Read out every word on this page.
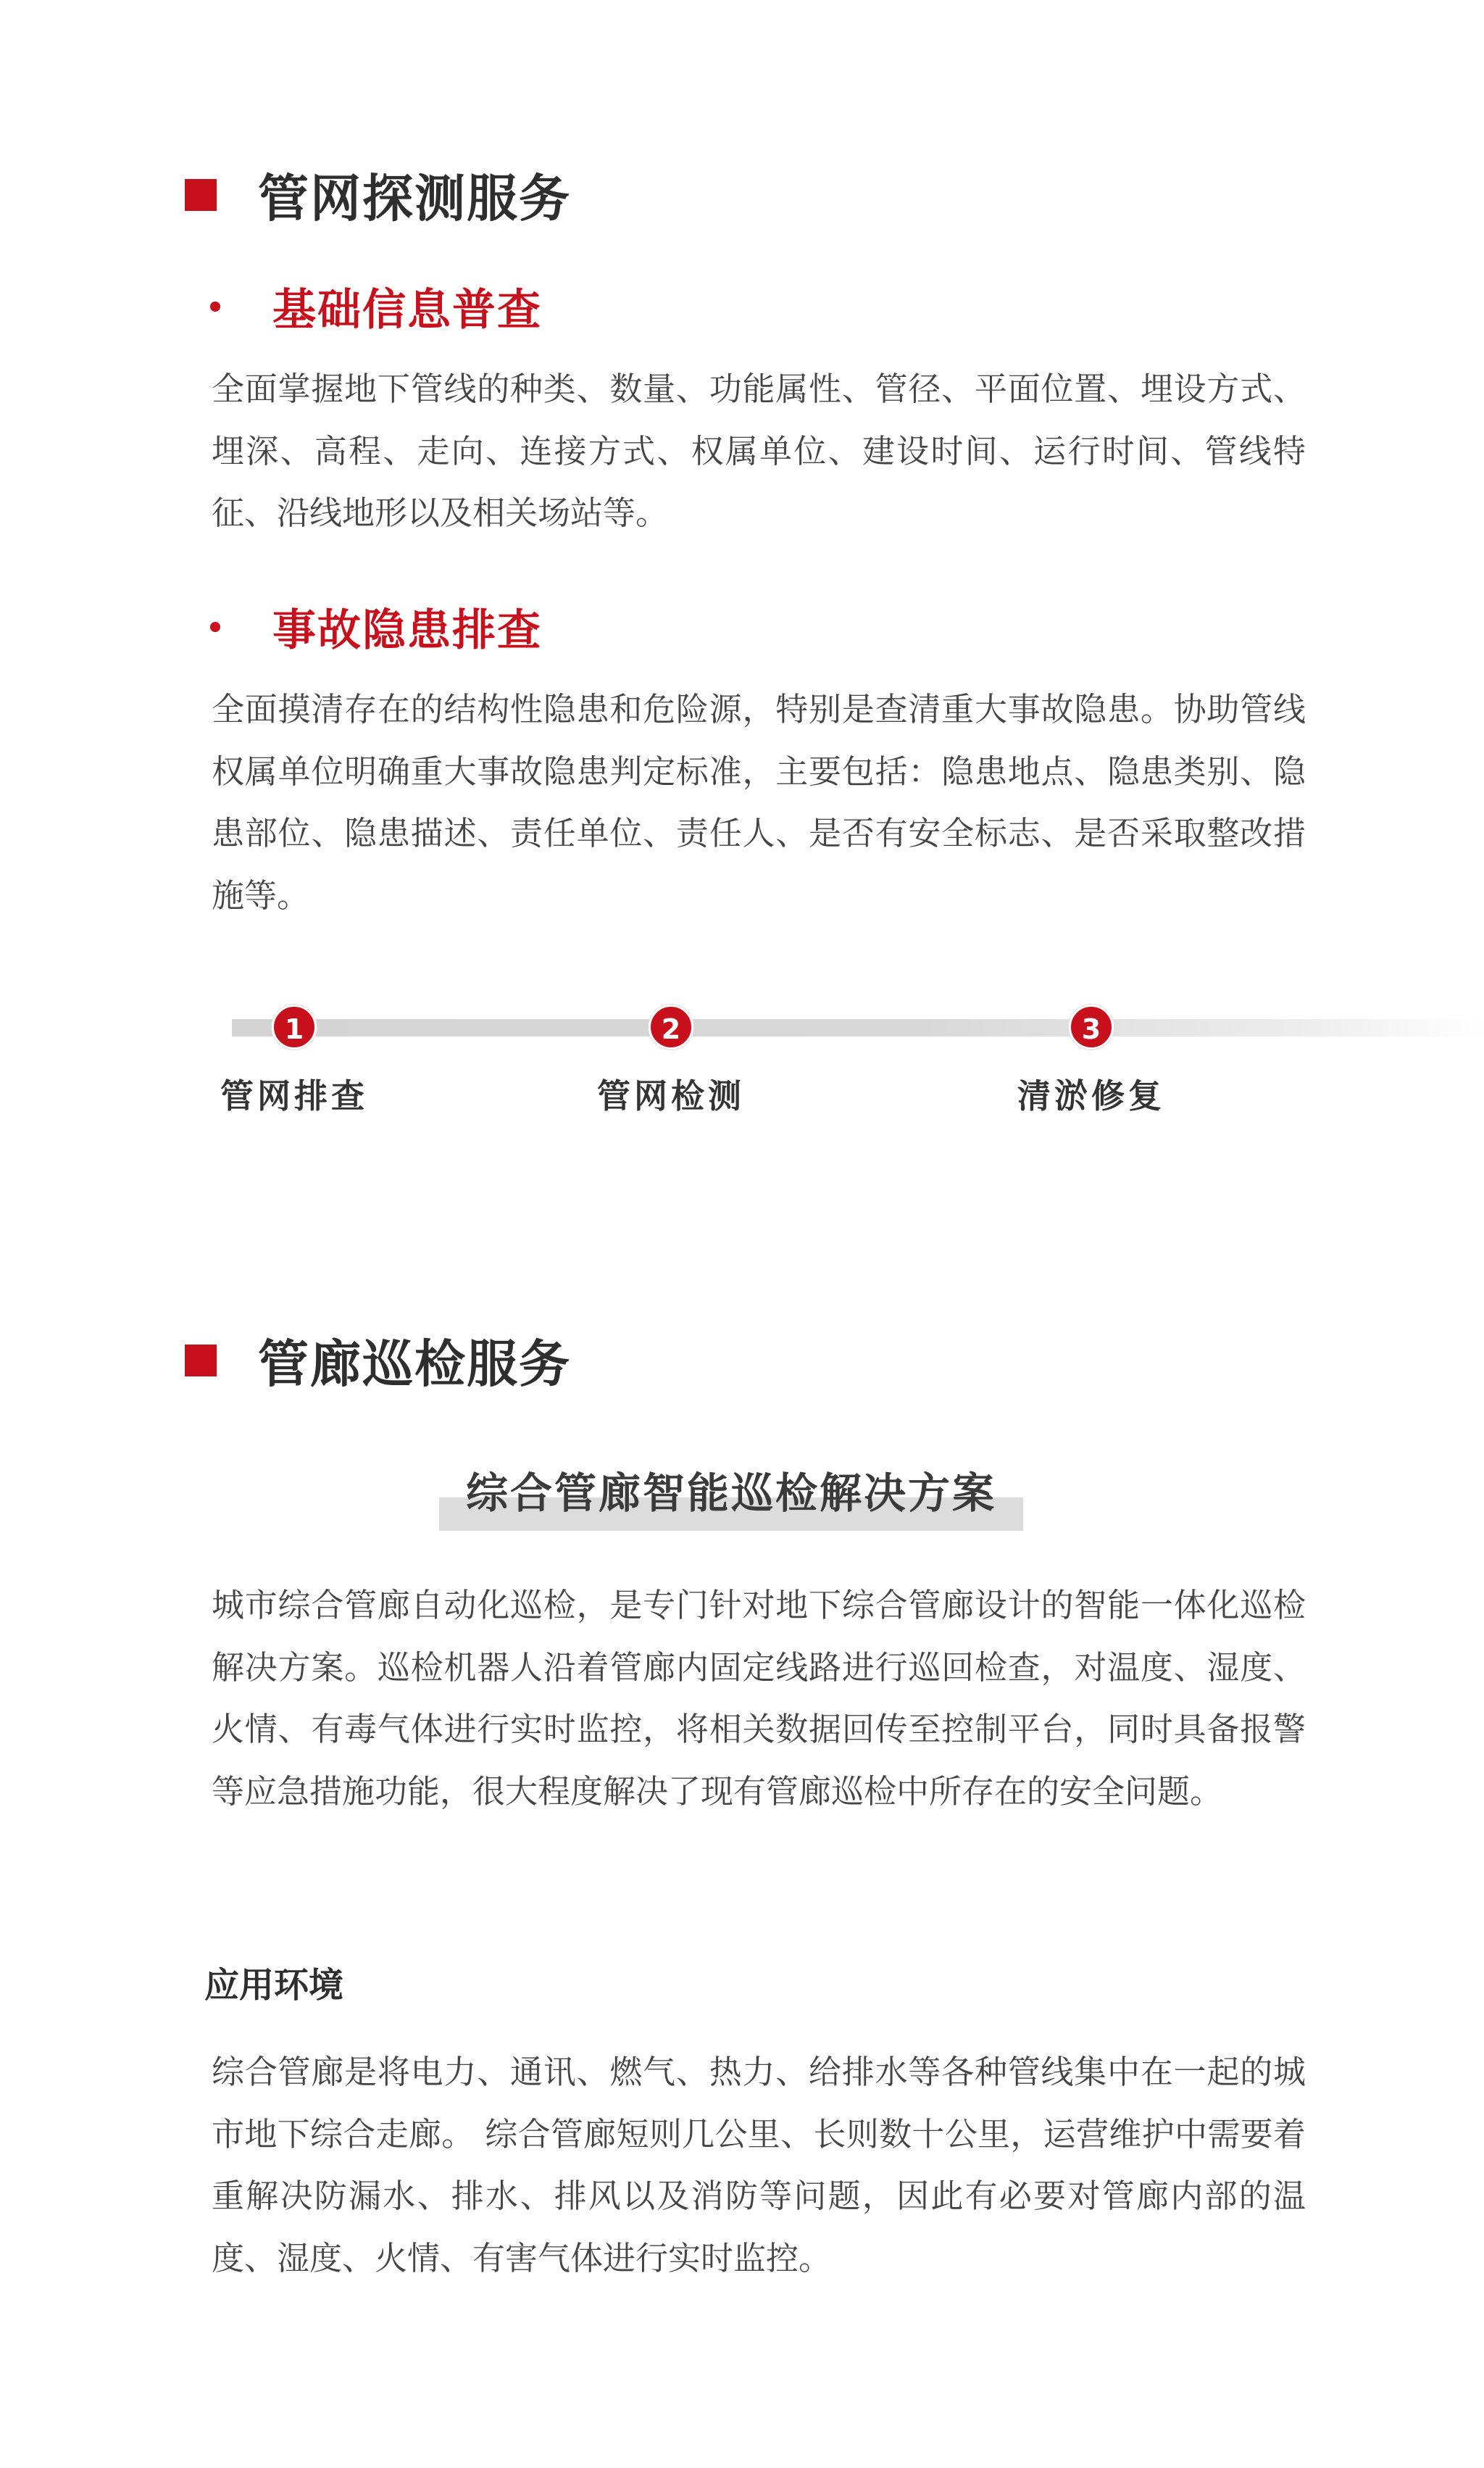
管网探测服务
基础信息普查

全面掌握地下管线的种类、数量、功能属性、管径、平面位置、埋设方式、埋深、高程、走向、连接方式、权属单位、建设时间、运行时间、管线特征、沿线地形以及相关场站等。

事故隐患排查

全面摸清存在的结构性隐患和危险源，特别是查清重大事故隐患。协助管线权属单位明确重大事故隐患判定标准，主要包括：隐患地点、隐患类别、隐患部位、隐患描述、责任单位、责任人、是否有安全标志、是否采取整改措施等。

1
管网排查
2
管网检测
3
清淤修复
管廊巡检服务
综合管廊智能巡检解决方案

城市综合管廊自动化巡检，是专门针对地下综合管廊设计的智能一体化巡检解决方案。巡检机器人沿着管廊内固定线路进行巡回检查，对温度、湿度、火情、有毒气体进行实时监控，将相关数据回传至控制平台，同时具备报警等应急措施功能，很大程度解决了现有管廊巡检中所存在的安全问题。

应用环境

综合管廊是将电力、通讯、燃气、热力、给排水等各种管线集中在一起的城市地下综合走廊。 综合管廊短则几公里、长则数十公里，运营维护中需要着重解决防漏水、排水、排风以及消防等问题，因此有必要对管廊内部的温度、湿度、火情、有害气体进行实时监控。
